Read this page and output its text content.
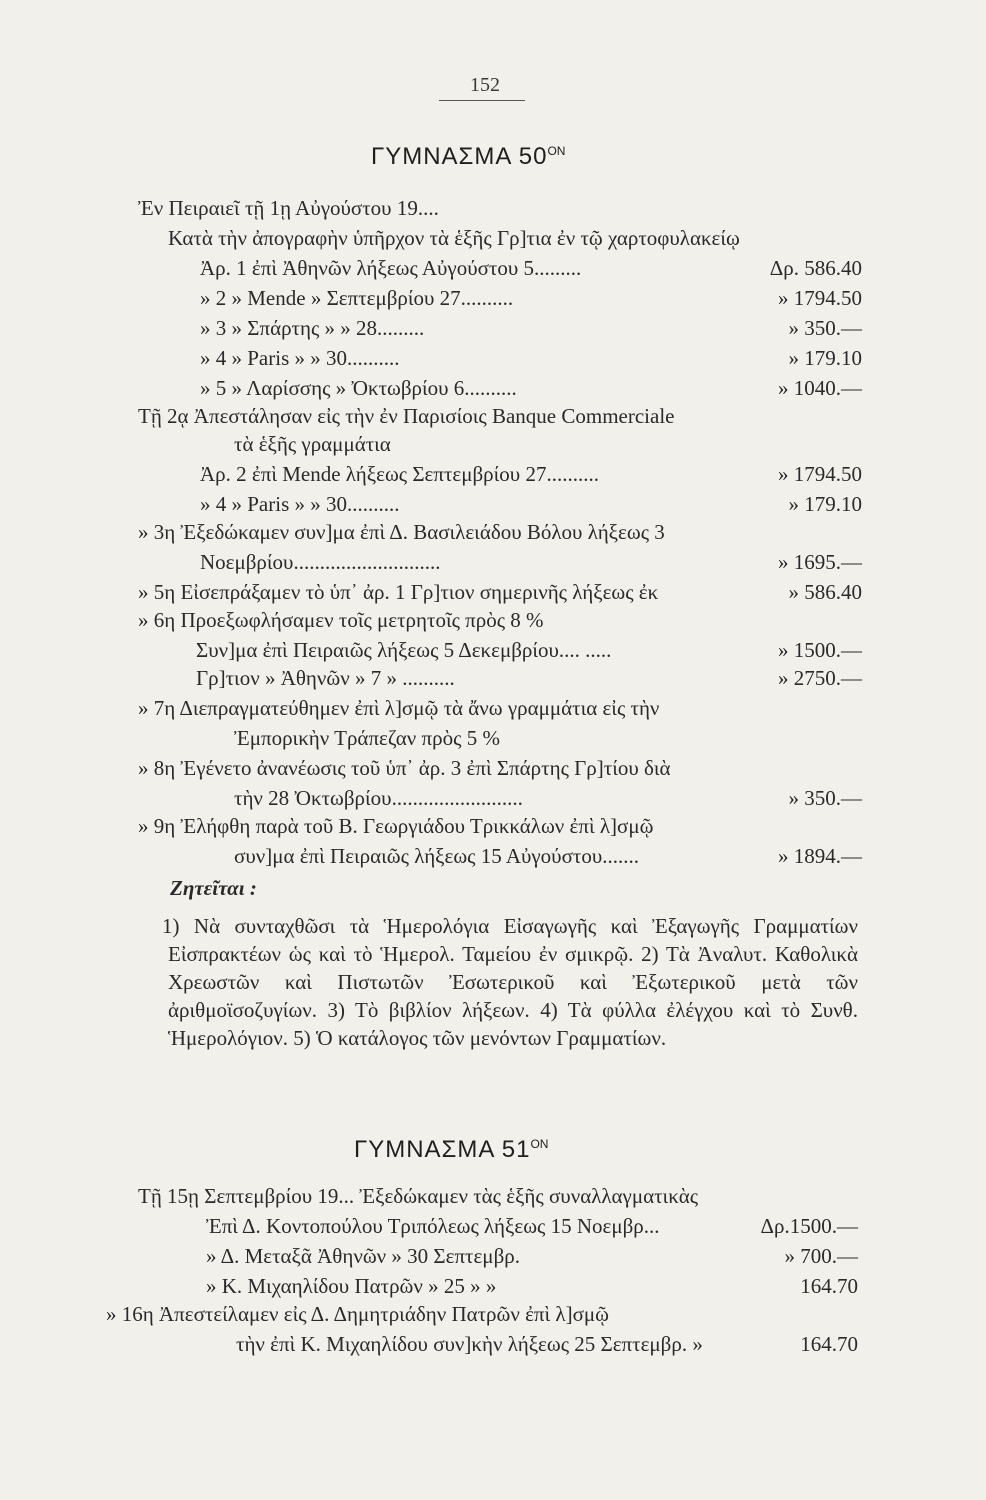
152
ΓΥΜΝΑΣΜΑ $50^{ON}$
Ἐν Πειραιεῖ τῇ 1ῃ Αὐγούστου 19....
Κατὰ τὴν ἀπογραφὴν ὑπῆρχον τὰ ἑξῆς Γρ]τια ἐν τῷ χαρτοφυλακείῳ
Ἀρ. 1 ἐπὶ Ἀθηνῶν λήξεως Αὐγούστου 5.........	Δρ. 586.40
» 2 » Mende » Σεπτεμβρίου 27..........	» 1794.50
» 3 » Σπάρτης » » 28.........	» 350.—
» 4 » Paris » » 30..........	» 179.10
» 5 » Λαρίσσης » Ὀκτωβρίου 6..........	» 1040.—
Τῇ 2ᾳ Ἀπεστάλησαν εἰς τὴν ἐν Παρισίοις Banque Commerciale
τὰ ἑξῆς γραμμάτια
Ἀρ. 2 ἐπὶ Mende λήξεως Σεπτεμβρίου 27..........	» 1794.50
» 4 » Paris » » 30..........	» 179.10
» 3η Ἐξεδώκαμεν συν]μα ἐπὶ Δ. Βασιλειάδου Βόλου λήξεως 3
Νοεμβρίου............................	» 1695.—
» 5η Εἰσεπράξαμεν τὸ ὑπ᾽ ἀρ. 1 Γρ]τιον σημερινῆς λήξεως ἐκ	» 586.40
» 6η Προεξωφλήσαμεν τοῖς μετρητοῖς πρὸς 8 %
Συν]μα ἐπὶ Πειραιῶς λήξεως 5 Δεκεμβρίου.... .....	» 1500.—
Γρ]τιον » Ἀθηνῶν » 7 » ..........	» 2750.—
» 7η Διεπραγματεύθημεν ἐπὶ λ]σμῷ τὰ ἄνω γραμμάτια εἰς τὴν
Ἐμπορικὴν Τράπεζαν πρὸς 5 %
» 8η Ἐγένετο ἀνανέωσις τοῦ ὑπ᾽ ἀρ. 3 ἐπὶ Σπάρτης Γρ]τίου διὰ
τὴν 28 Ὀκτωβρίου.........................	» 350.—
» 9η Ἐλήφθη παρὰ τοῦ Β. Γεωργιάδου Τρικκάλων ἐπὶ λ]σμῷ
συν]μα ἐπὶ Πειραιῶς λήξεως 15 Αὐγούστου.......	» 1894.—
Ζητεῖται :
1) Νὰ συνταχθῶσι τὰ Ἡμερολόγια Εἰσαγωγῆς καὶ Ἐξαγωγῆς Γραμματίων Εἰσπρακτέων ὡς καὶ τὸ Ἡμερολ. Ταμείου ἐν σμικρῷ. 2) Τὰ Ἀναλυτ. Καθολικὰ Χρεωστῶν καὶ Πιστωτῶν Ἐσωτερικοῦ καὶ Ἐξωτερικοῦ μετὰ τῶν ἀριθμοϊσοζυγίων. 3) Τὸ βιβλίον λήξεων. 4) Τὰ φύλλα ἐλέγχου καὶ τὸ Συνθ. Ἡμερολόγιον. 5) Ὁ κατάλογος τῶν μενόντων Γραμματίων.
ΓΥΜΝΑΣΜΑ $51^{ON}$
Τῇ 15ῃ Σεπτεμβρίου 19... Ἐξεδώκαμεν τὰς ἑξῆς συναλλαγματικὰς
Ἐπὶ Δ. Κοντοπούλου Τριπόλεως λήξεως 15 Νοεμβρ...	Δρ.1500.—
» Δ. Μεταξᾶ Ἀθηνῶν » 30 Σεπτεμβρ.	» 700.—
» Κ. Μιχαηλίδου Πατρῶν » 25 » »	164.70
» 16η Ἀπεστείλαμεν εἰς Δ. Δημητριάδην Πατρῶν ἐπὶ λ]σμῷ
τὴν ἐπὶ Κ. Μιχαηλίδου συν]κὴν λήξεως 25 Σεπτεμβρ. »	164.70
